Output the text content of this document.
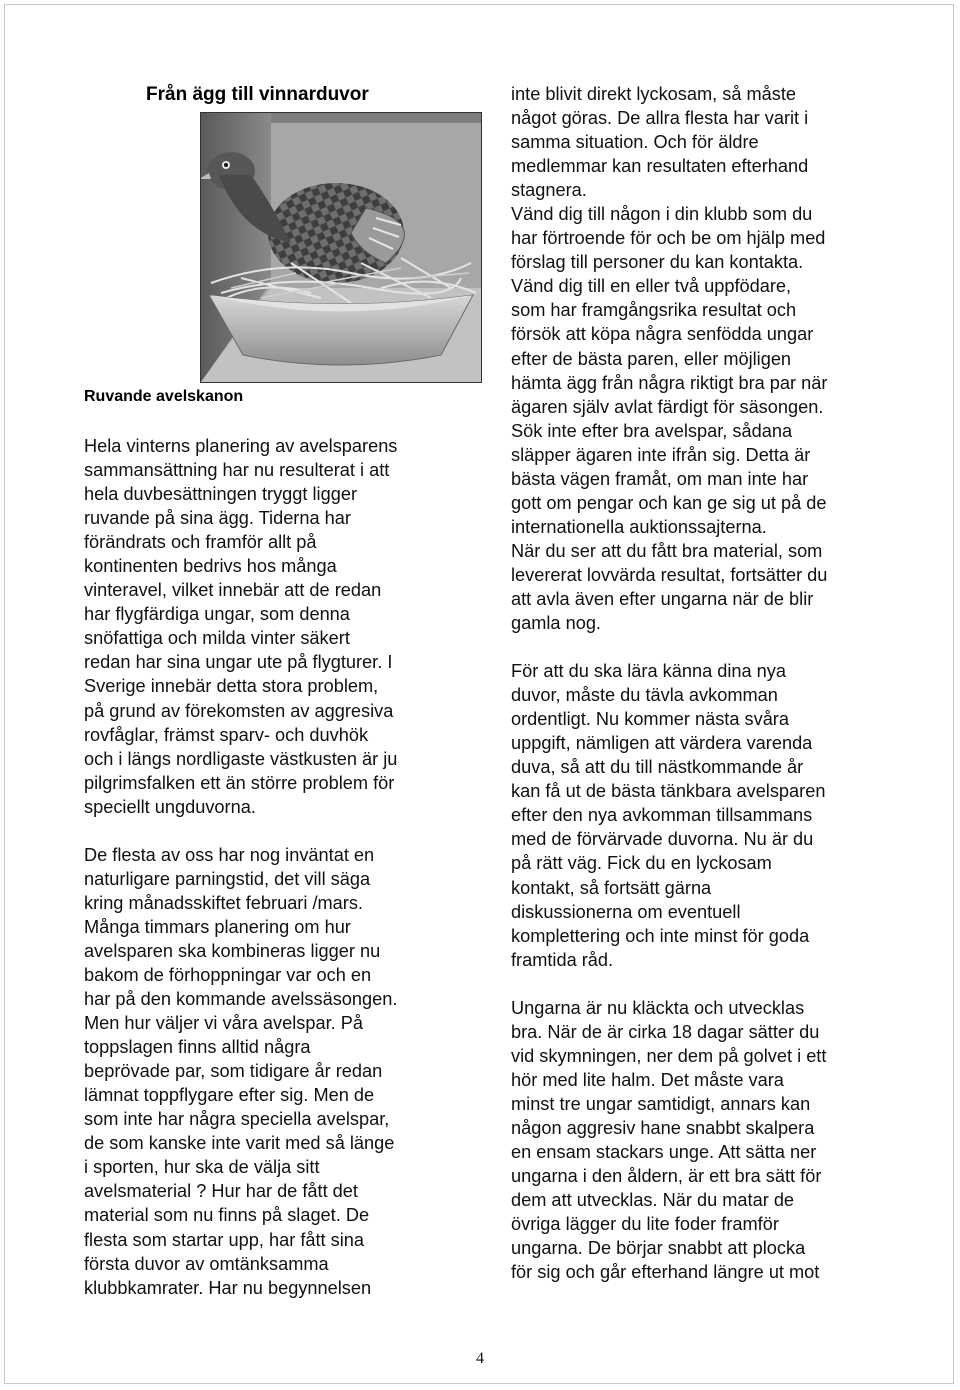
Från ägg till vinnarduvor
Ruvande avelskanon

Hela vinterns planering av avelsparens
sammansättning har nu resulterat i att
hela duvbesättningen tryggt ligger
ruvande på sina ägg. Tiderna har
förändrats och framför allt på
kontinenten bedrivs hos många
vinteravel, vilket innebär att de redan
har flygfärdiga ungar, som denna
snöfattiga och milda vinter säkert
redan har sina ungar ute på flygturer. I
Sverige innebär detta stora problem,
på grund av förekomsten av aggresiva
rovfåglar, främst sparv- och duvhök
och i längs nordligaste västkusten är ju
pilgrimsfalken ett än större problem för
speciellt ungduvorna.

De flesta av oss har nog inväntat en
naturligare parningstid, det vill säga
kring månadsskiftet februari /mars.
Många timmars planering om hur
avelsparen ska kombineras ligger nu
bakom de förhoppningar var och en
har på den kommande avelssäsongen.
Men hur väljer vi våra avelspar. På
toppslagen finns alltid några
beprövade par, som tidigare år redan
lämnat toppflygare efter sig. Men de
som inte har några speciella avelspar,
de som kanske inte varit med så länge
i sporten, hur ska de välja sitt
avelsmaterial ? Hur har de fått det
material som nu finns på slaget. De
flesta som startar upp, har fått sina
första duvor av omtänksamma
klubbkamrater. Har nu begynnelsen

inte blivit direkt lyckosam, så måste
något göras. De allra flesta har varit i
samma situation. Och för äldre
medlemmar kan resultaten efterhand
stagnera.
Vänd dig till någon i din klubb som du
har förtroende för och be om hjälp med
förslag till personer du kan kontakta.
Vänd dig till en eller två uppfödare,
som har framgångsrika resultat och
försök att köpa några senfödda ungar
efter de bästa paren, eller möjligen
hämta ägg från några riktigt bra par när
ägaren själv avlat färdigt för säsongen.
Sök inte efter bra avelspar, sådana
släpper ägaren inte ifrån sig. Detta är
bästa vägen framåt, om man inte har
gott om pengar och kan ge sig ut på de
internationella auktionssajterna.
När du ser att du fått bra material, som
levererat lovvärda resultat, fortsätter du
att avla även efter ungarna när de blir
gamla nog.

För att du ska lära känna dina nya
duvor, måste du tävla avkomman
ordentligt. Nu kommer nästa svåra
uppgift, nämligen att värdera varenda
duva, så att du till nästkommande år
kan få ut de bästa tänkbara avelsparen
efter den nya avkomman tillsammans
med de förvärvade duvorna. Nu är du
på rätt väg. Fick du en lyckosam
kontakt, så fortsätt gärna
diskussionerna om eventuell
komplettering och inte minst för goda
framtida råd.

Ungarna är nu kläckta och utvecklas
bra. När de är cirka 18 dagar sätter du
vid skymningen, ner dem på golvet i ett
hör med lite halm. Det måste vara
minst tre ungar samtidigt, annars kan
någon aggresiv hane snabbt skalpera
en ensam stackars unge. Att sätta ner
ungarna i den åldern, är ett bra sätt för
dem att utvecklas. När du matar de
övriga lägger du lite foder framför
ungarna. De börjar snabbt att plocka
för sig och går efterhand längre ut mot

4
